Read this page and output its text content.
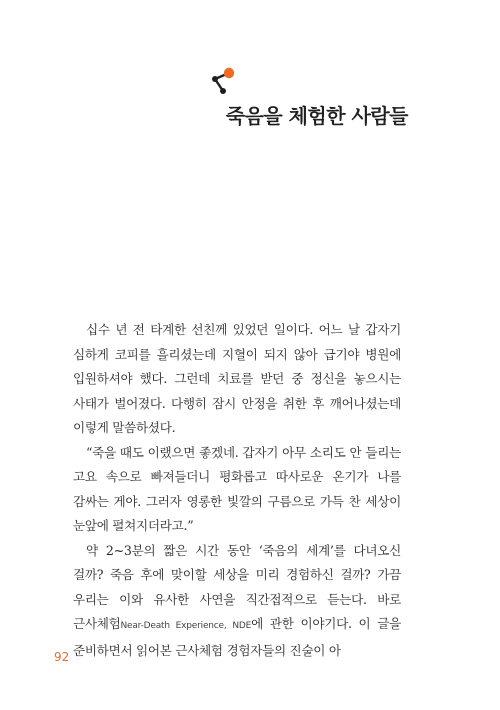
죽음을 체험한 사람들

십수 년 전 타계한 선친께 있었던 일이다. 어느 날 갑자기 심하게 코피를 흘리셨는데 지혈이 되지 않아 급기야 병원에 입원하셔야 했다. 그런데 치료를 받던 중 정신을 놓으시는 사태가 벌어졌다. 다행히 잠시 안정을 취한 후 깨어나셨는데 이렇게 말씀하셨다.

“죽을 때도 이랬으면 좋겠네. 갑자기 아무 소리도 안 들리는 고요 속으로 빠져들더니 평화롭고 따사로운 온기가 나를 감싸는 게야. 그러자 영롱한 빛깔의 구름으로 가득 찬 세상이 눈앞에 펼쳐지더라고.”

약 2~3분의 짧은 시간 동안 ‘죽음의 세계’를 다녀오신 걸까? 죽음 후에 맞이할 세상을 미리 경험하신 걸까? 가끔 우리는 이와 유사한 사연을 직간접적으로 듣는다. 바로 근사체험Near-Death Experience, NDE에 관한 이야기다. 이 글을 준비하면서 읽어본 근사체험 경험자들의 진술이 아

92
